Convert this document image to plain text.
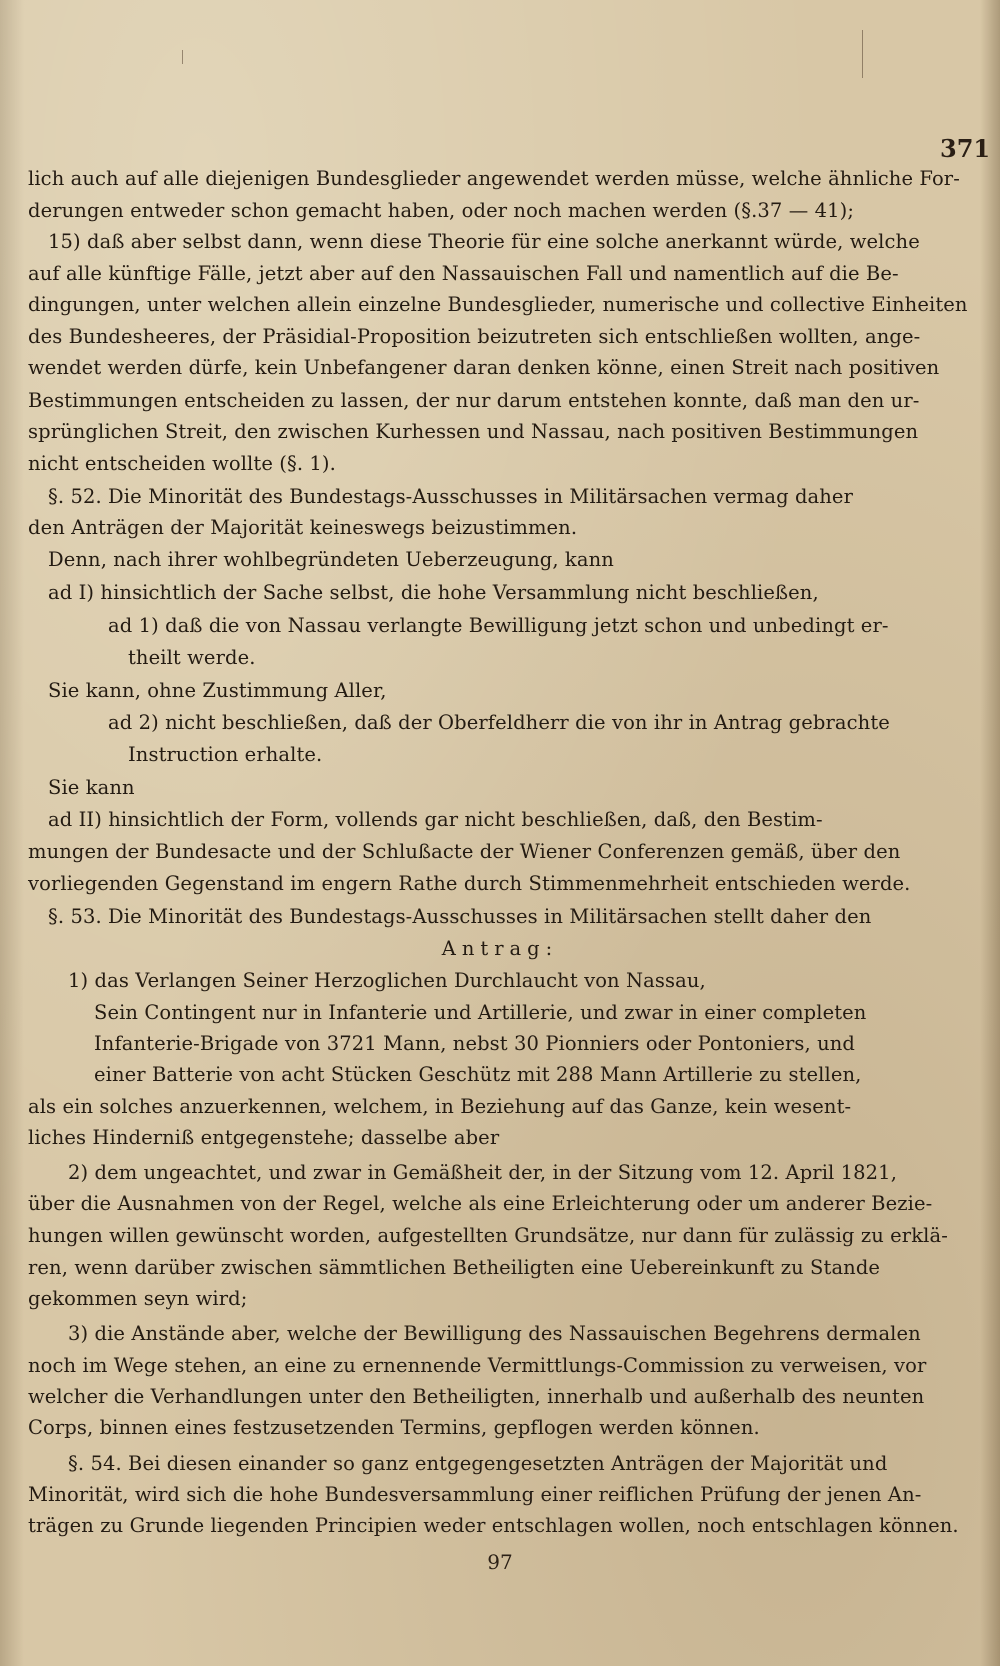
371
lich auch auf alle diejenigen Bundesglieder angewendet werden müsse, welche ähnliche For-
derungen entweder schon gemacht haben, oder noch machen werden (§.37 — 41);
15) daß aber selbst dann, wenn diese Theorie für eine solche anerkannt würde, welche
auf alle künftige Fälle, jetzt aber auf den Nassauischen Fall und namentlich auf die Be-
dingungen, unter welchen allein einzelne Bundesglieder, numerische und collective Einheiten
des Bundesheeres, der Präsidial-Proposition beizutreten sich entschließen wollten, ange-
wendet werden dürfe, kein Unbefangener daran denken könne, einen Streit nach positiven
Bestimmungen entscheiden zu lassen, der nur darum entstehen konnte, daß man den ur-
sprünglichen Streit, den zwischen Kurhessen und Nassau, nach positiven Bestimmungen
nicht entscheiden wollte (§. 1).
§. 52. Die Minorität des Bundestags-Ausschusses in Militärsachen vermag daher
den Anträgen der Majorität keineswegs beizustimmen.
Denn, nach ihrer wohlbegründeten Ueberzeugung, kann
ad I) hinsichtlich der Sache selbst, die hohe Versammlung nicht beschließen,
ad 1) daß die von Nassau verlangte Bewilligung jetzt schon und unbedingt er-
theilt werde.
Sie kann, ohne Zustimmung Aller,
ad 2) nicht beschließen, daß der Oberfeldherr die von ihr in Antrag gebrachte
Instruction erhalte.
Sie kann
ad II) hinsichtlich der Form, vollends gar nicht beschließen, daß, den Bestim-
mungen der Bundesacte und der Schlußacte der Wiener Conferenzen gemäß, über den
vorliegenden Gegenstand im engern Rathe durch Stimmenmehrheit entschieden werde.
§. 53. Die Minorität des Bundestags-Ausschusses in Militärsachen stellt daher den
Antrag:
1) das Verlangen Seiner Herzoglichen Durchlaucht von Nassau,
Sein Contingent nur in Infanterie und Artillerie, und zwar in einer completen
Infanterie-Brigade von 3721 Mann, nebst 30 Pionniers oder Pontoniers, und
einer Batterie von acht Stücken Geschütz mit 288 Mann Artillerie zu stellen,
als ein solches anzuerkennen, welchem, in Beziehung auf das Ganze, kein wesent-
liches Hinderniß entgegenstehe; dasselbe aber
2) dem ungeachtet, und zwar in Gemäßheit der, in der Sitzung vom 12. April 1821,
über die Ausnahmen von der Regel, welche als eine Erleichterung oder um anderer Bezie-
hungen willen gewünscht worden, aufgestellten Grundsätze, nur dann für zulässig zu erklä-
ren, wenn darüber zwischen sämmtlichen Betheiligten eine Uebereinkunft zu Stande
gekommen seyn wird;
3) die Anstände aber, welche der Bewilligung des Nassauischen Begehrens dermalen
noch im Wege stehen, an eine zu ernennende Vermittlungs-Commission zu verweisen, vor
welcher die Verhandlungen unter den Betheiligten, innerhalb und außerhalb des neunten
Corps, binnen eines festzusetzenden Termins, gepflogen werden können.
§. 54. Bei diesen einander so ganz entgegengesetzten Anträgen der Majorität und
Minorität, wird sich die hohe Bundesversammlung einer reiflichen Prüfung der jenen An-
trägen zu Grunde liegenden Principien weder entschlagen wollen, noch entschlagen können.
97
